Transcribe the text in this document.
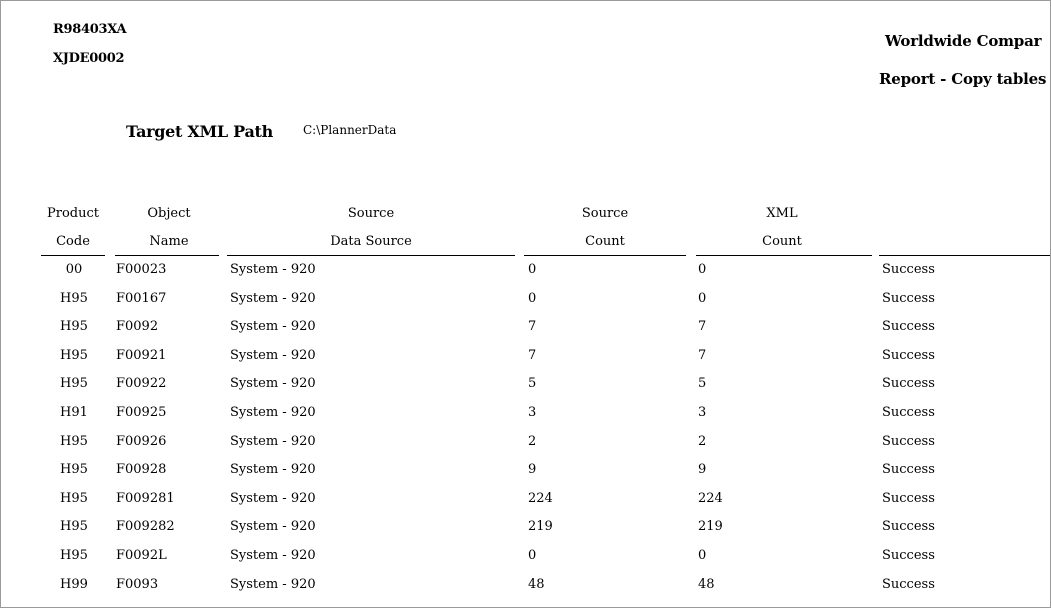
R98403XA
XJDE0002
Worldwide Compar
Report - Copy tables
Target XML Path	C:\PlannerData
Product	Object	Source	Source	XML
Code	Name	Data Source	Count	Count
00	F00023	System - 920	0	0	Success
H95	F00167	System - 920	0	0	Success
H95	F0092	System - 920	7	7	Success
H95	F00921	System - 920	7	7	Success
H95	F00922	System - 920	5	5	Success
H91	F00925	System - 920	3	3	Success
H95	F00926	System - 920	2	2	Success
H95	F00928	System - 920	9	9	Success
H95	F009281	System - 920	224	224	Success
H95	F009282	System - 920	219	219	Success
H95	F0092L	System - 920	0	0	Success
H99	F0093	System - 920	48	48	Success
